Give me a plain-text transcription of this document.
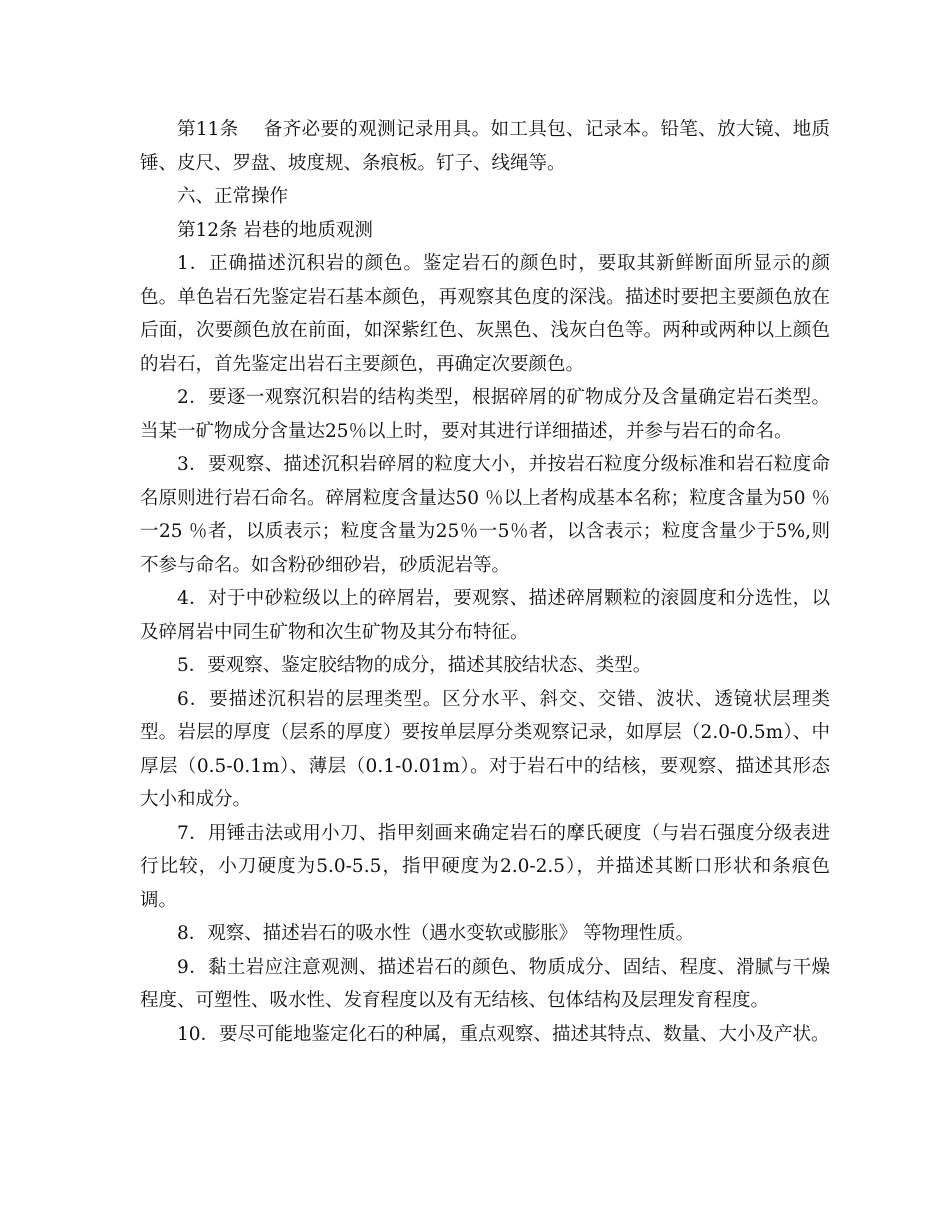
第11条　 备齐必要的观测记录用具。如工具包、记录本。铅笔、放大镜、地质锤、皮尺、罗盘、坡度规、条痕板。钉子、线绳等。

六、正常操作

第12条 岩巷的地质观测

1．正确描述沉积岩的颜色。鉴定岩石的颜色时，要取其新鲜断面所显示的颜色。单色岩石先鉴定岩石基本颜色，再观察其色度的深浅。描述时要把主要颜色放在后面，次要颜色放在前面，如深紫红色、灰黑色、浅灰白色等。两种或两种以上颜色的岩石，首先鉴定出岩石主要颜色，再确定次要颜色。

2．要逐一观察沉积岩的结构类型，根据碎屑的矿物成分及含量确定岩石类型。当某一矿物成分含量达25％以上时，要对其进行详细描述，并参与岩石的命名。

3．要观察、描述沉积岩碎屑的粒度大小，并按岩石粒度分级标准和岩石粒度命名原则进行岩石命名。碎屑粒度含量达50 ％以上者构成基本名称；粒度含量为50 ％一25 ％者，以质表示；粒度含量为25％一5％者，以含表示；粒度含量少于5%,则不参与命名。如含粉砂细砂岩，砂质泥岩等。

4．对于中砂粒级以上的碎屑岩，要观察、描述碎屑颗粒的滚圆度和分选性，以及碎屑岩中同生矿物和次生矿物及其分布特征。

5．要观察、鉴定胶结物的成分，描述其胶结状态、类型。

6．要描述沉积岩的层理类型。区分水平、斜交、交错、波状、透镜状层理类型。岩层的厚度（层系的厚度）要按单层厚分类观察记录，如厚层（2.0-0.5m）、中厚层（0.5-0.1m）、薄层（0.1-0.01m）。对于岩石中的结核，要观察、描述其形态大小和成分。

7．用锤击法或用小刀、指甲刻画来确定岩石的摩氏硬度（与岩石强度分级表进行比较，小刀硬度为5.0-5.5，指甲硬度为2.0-2.5），并描述其断口形状和条痕色调。

8．观察、描述岩石的吸水性（遇水变软或膨胀》 等物理性质。

9．黏土岩应注意观测、描述岩石的颜色、物质成分、固结、程度、滑腻与干燥程度、可塑性、吸水性、发育程度以及有无结核、包体结构及层理发育程度。

10．要尽可能地鉴定化石的种属，重点观察、描述其特点、数量、大小及产状。
